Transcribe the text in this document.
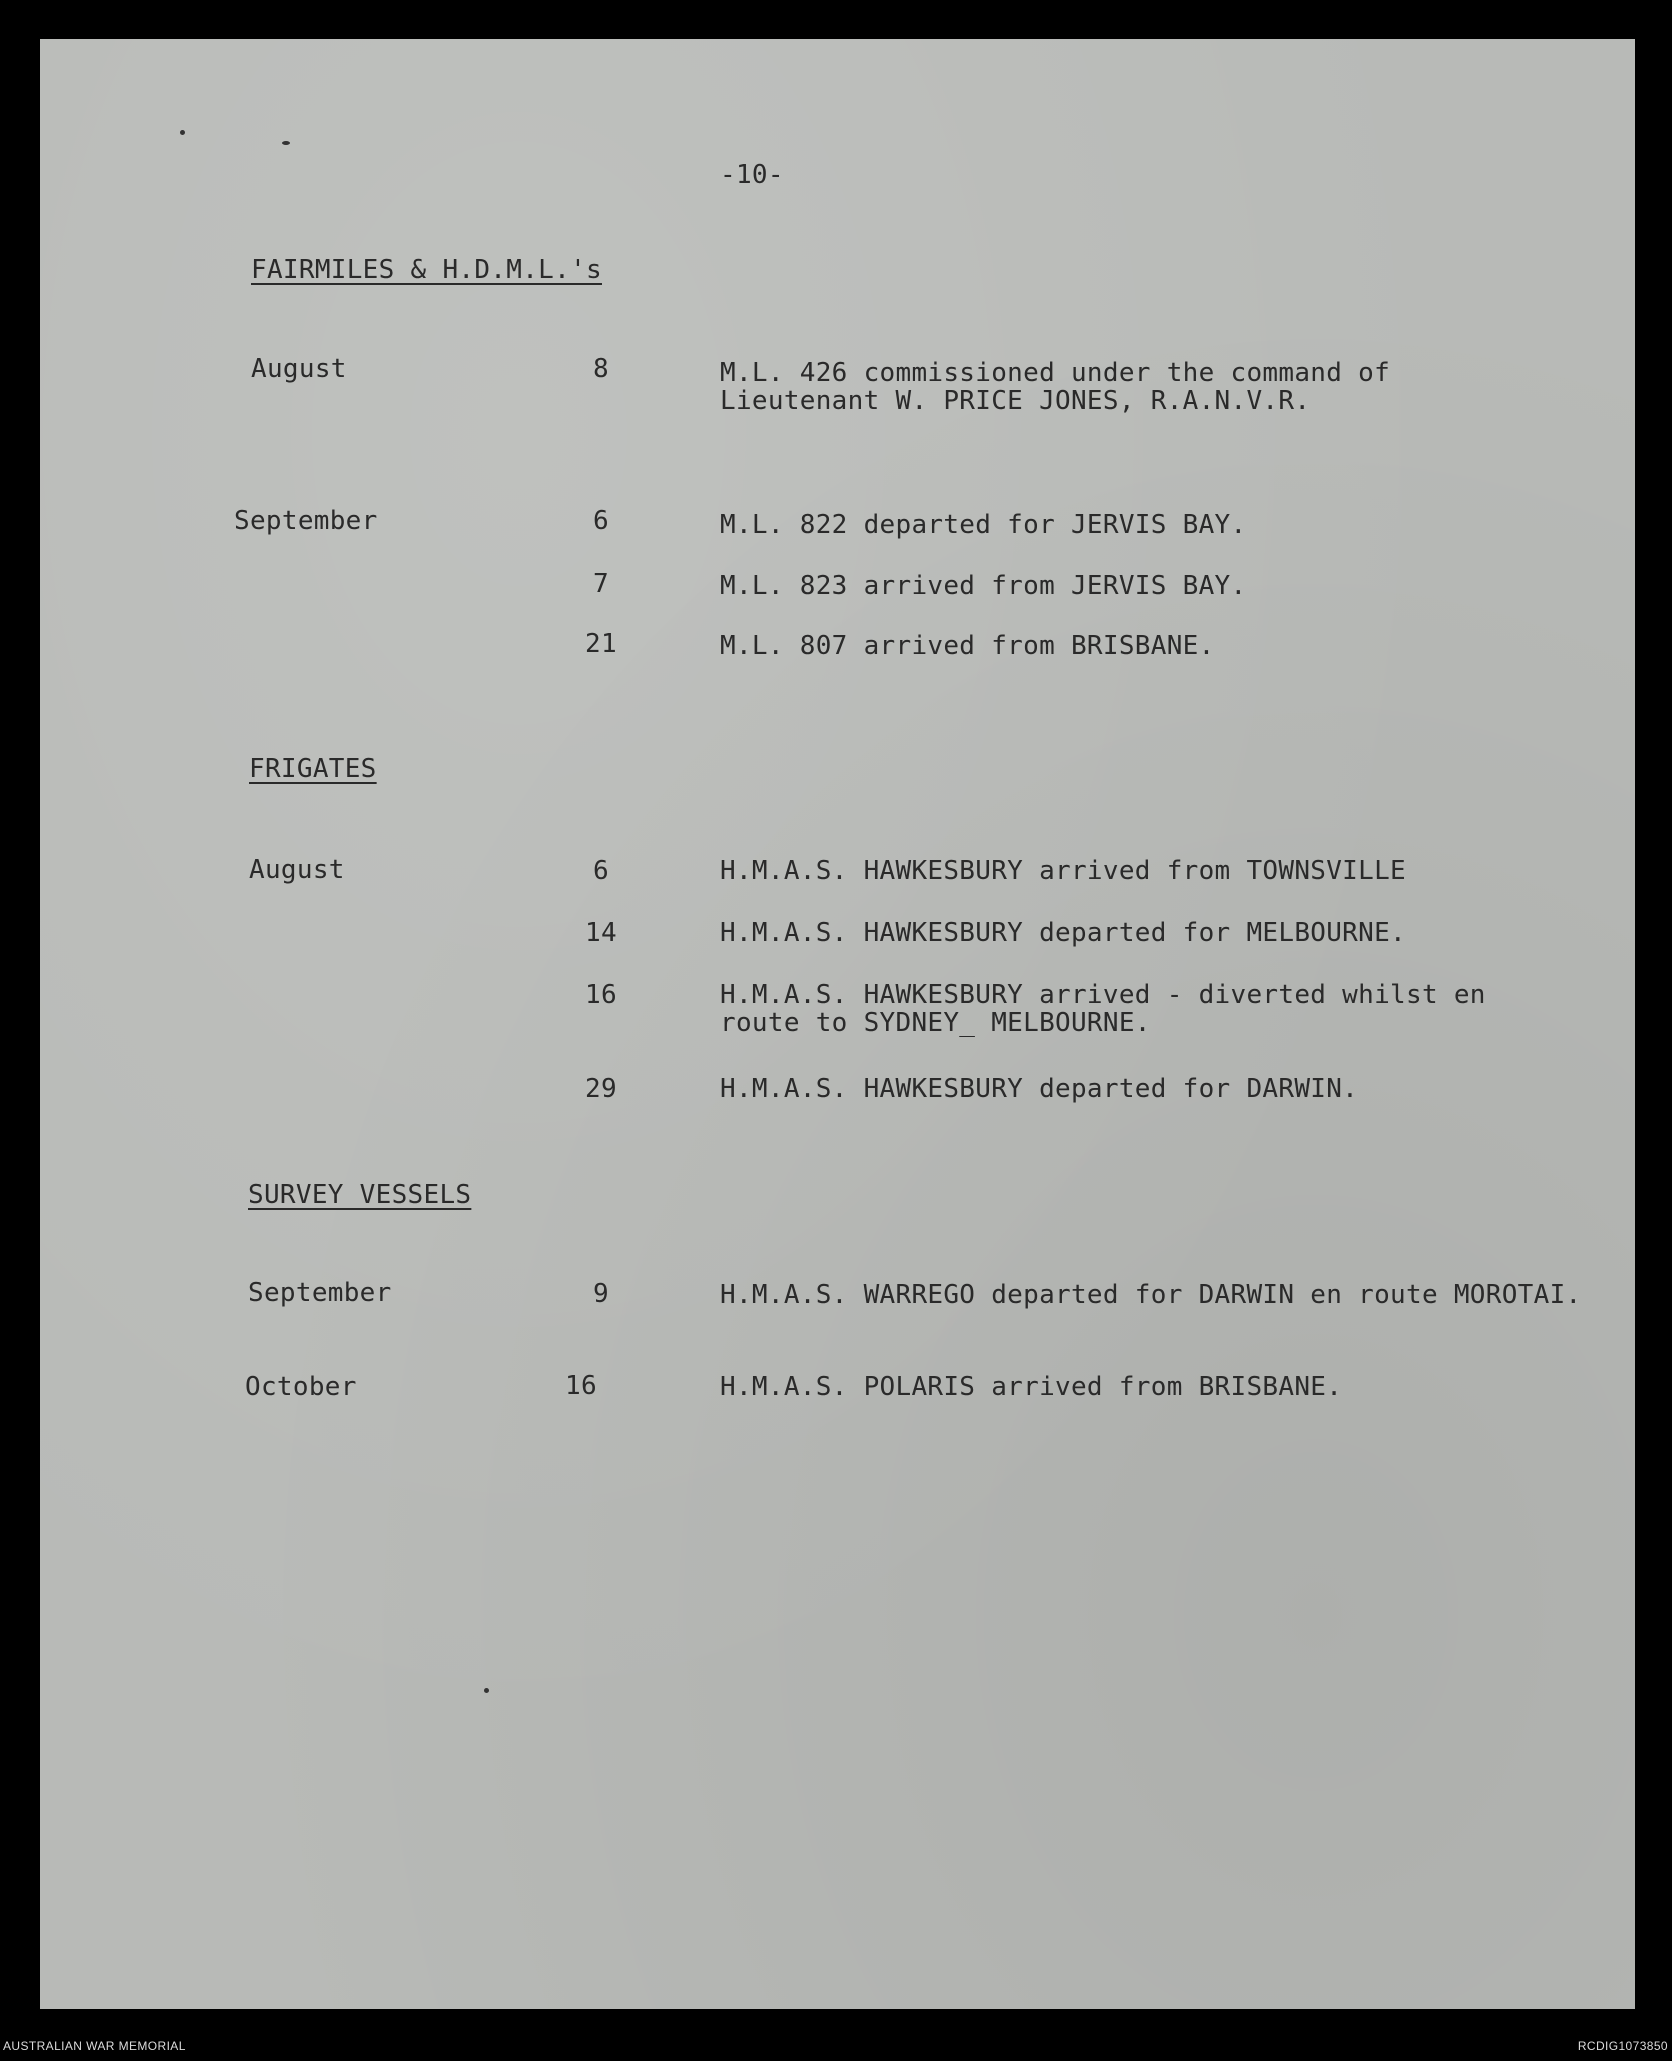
-10-
FAIRMILES & H.D.M.L.'s
August	8	M.L. 426 commissioned under the command of
Lieutenant W. PRICE JONES, R.A.N.V.R.
September	6	M.L. 822 departed for JERVIS BAY.
7	M.L. 823 arrived from JERVIS BAY.
21	M.L. 807 arrived from BRISBANE.
FRIGATES
August	6	H.M.A.S. HAWKESBURY arrived from TOWNSVILLE
14	H.M.A.S. HAWKESBURY departed for MELBOURNE.
16	H.M.A.S. HAWKESBURY arrived - diverted whilst en
route to SYDNEY_ MELBOURNE.
29	H.M.A.S. HAWKESBURY departed for DARWIN.
SURVEY VESSELS
September	9	H.M.A.S. WARREGO departed for DARWIN en route MOROTAI.
October	16	H.M.A.S. POLARIS arrived from BRISBANE.
AUSTRALIAN WAR MEMORIAL	RCDIG1073850
